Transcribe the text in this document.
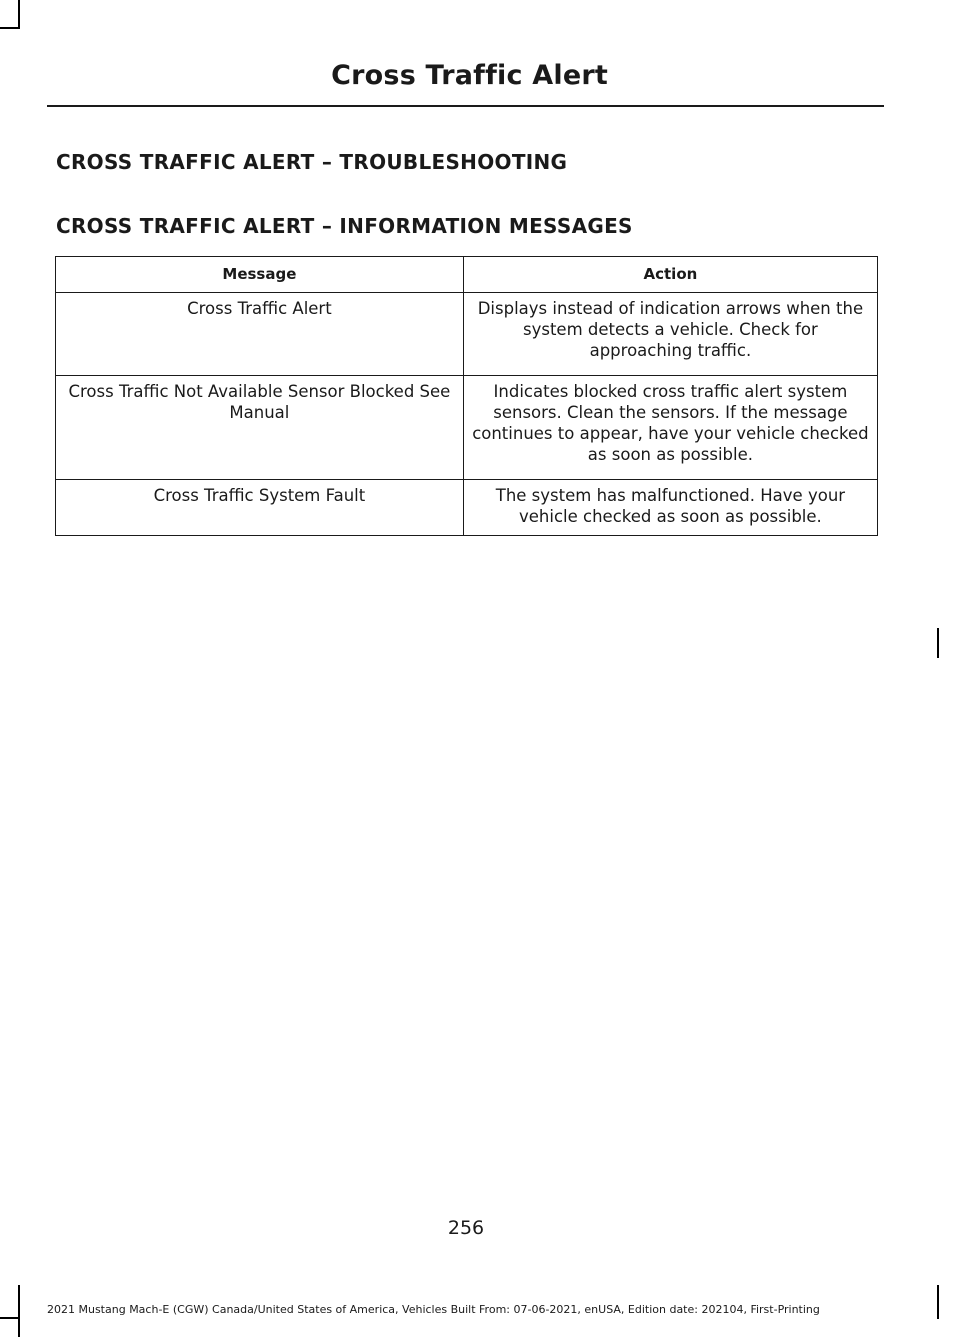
Cross Traffic Alert
CROSS TRAFFIC ALERT – TROUBLESHOOTING
CROSS TRAFFIC ALERT – INFORMATION MESSAGES
Message	Action
Cross Traffic Alert	Displays instead of indication arrows when the system detects a vehicle. Check for approaching traffic.
Cross Traffic Not Available Sensor Blocked See Manual	Indicates blocked cross traffic alert system sensors. Clean the sensors. If the message continues to appear, have your vehicle checked as soon as possible.
Cross Traffic System Fault	The system has malfunctioned. Have your vehicle checked as soon as possible.
256
2021 Mustang Mach-E (CGW) Canada/United States of America, Vehicles Built From: 07-06-2021, enUSA, Edition date: 202104, First-Printing
